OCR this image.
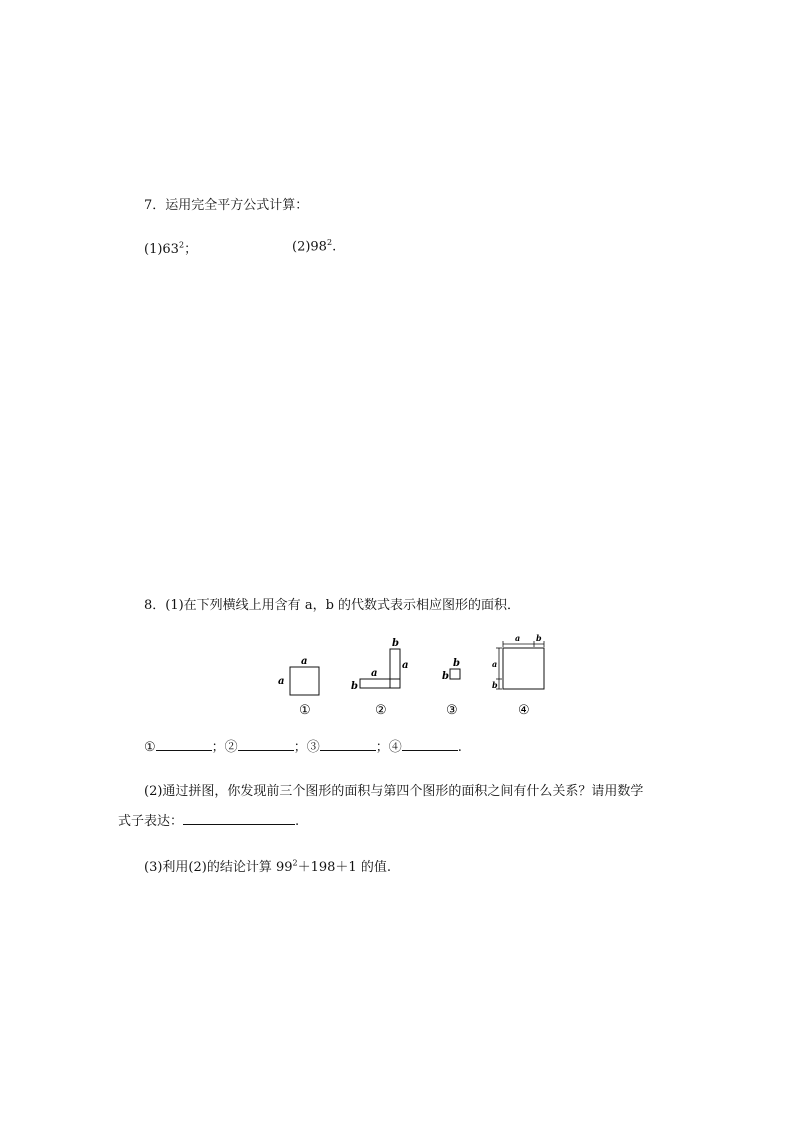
7．运用完全平方公式计算：
$(1)63^2$；	$(2)98^2$.
8．(1)在下列横线上用含有 a，b 的代数式表示相应图形的面积．
a
a
①
a
b
b
a
②
b
b
③
a b
a
b
④
①	；②	；③	；④	.
(2)通过拼图，你发现前三个图形的面积与第四个图形的面积之间有什么关系？请用数学
式子表达：	.
(3)利用(2)的结论计算 $99^2+198+1$ 的值.
